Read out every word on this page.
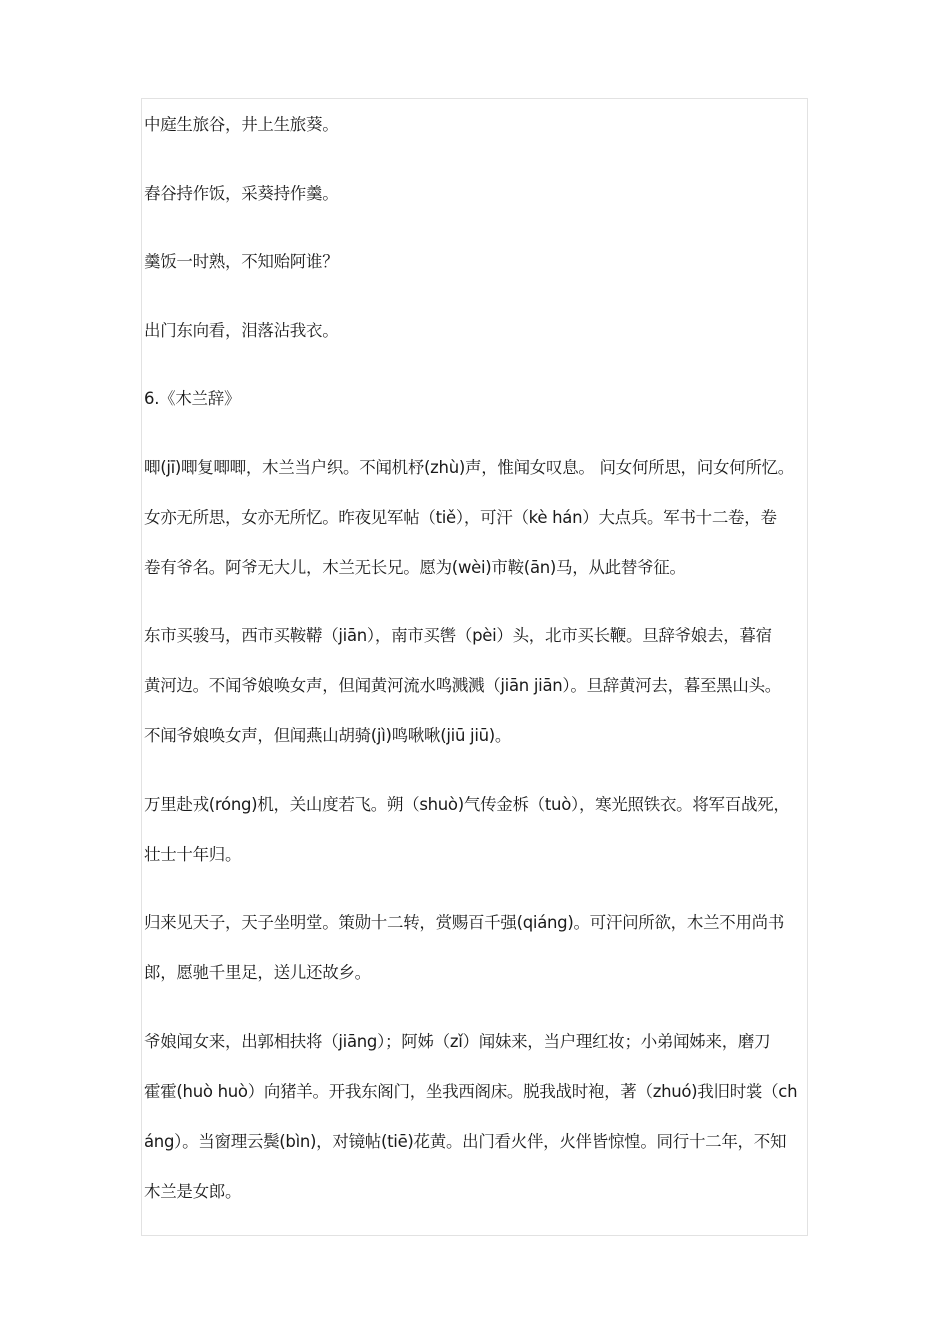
中庭生旅谷，井上生旅葵。
舂谷持作饭，采葵持作羹。
羹饭一时熟，不知贻阿谁？
出门东向看，泪落沾我衣。
6.《木兰辞》
唧(jī)唧复唧唧，木兰当户织。不闻机杼(zhù)声，惟闻女叹息。 问女何所思，问女何所忆。
女亦无所思，女亦无所忆。昨夜见军帖（tiě），可汗（kè hán）大点兵。军书十二卷，卷
卷有爷名。阿爷无大儿，木兰无长兄。愿为(wèi)市鞍(ān)马，从此替爷征。
东市买骏马，西市买鞍鞯（jiān），南市买辔（pèi）头，北市买长鞭。旦辞爷娘去，暮宿
黄河边。不闻爷娘唤女声，但闻黄河流水鸣溅溅（jiān jiān）。旦辞黄河去，暮至黑山头。
不闻爷娘唤女声，但闻燕山胡骑(jì)鸣啾啾(jiū jiū)。
万里赴戎(róng)机，关山度若飞。朔（shuò)气传金柝（tuò），寒光照铁衣。将军百战死，
壮士十年归。
归来见天子，天子坐明堂。策勋十二转，赏赐百千强(qiáng)。可汗问所欲，木兰不用尚书
郎，愿驰千里足，送儿还故乡。
爷娘闻女来，出郭相扶将（jiāng）；阿姊（zǐ）闻妹来，当户理红妆；小弟闻姊来，磨刀
霍霍(huò huò）向猪羊。开我东阁门，坐我西阁床。脱我战时袍，著（zhuó)我旧时裳（ch
áng）。当窗理云鬓(bìn)，对镜帖(tiē)花黄。出门看火伴，火伴皆惊惶。同行十二年，不知
木兰是女郎。
